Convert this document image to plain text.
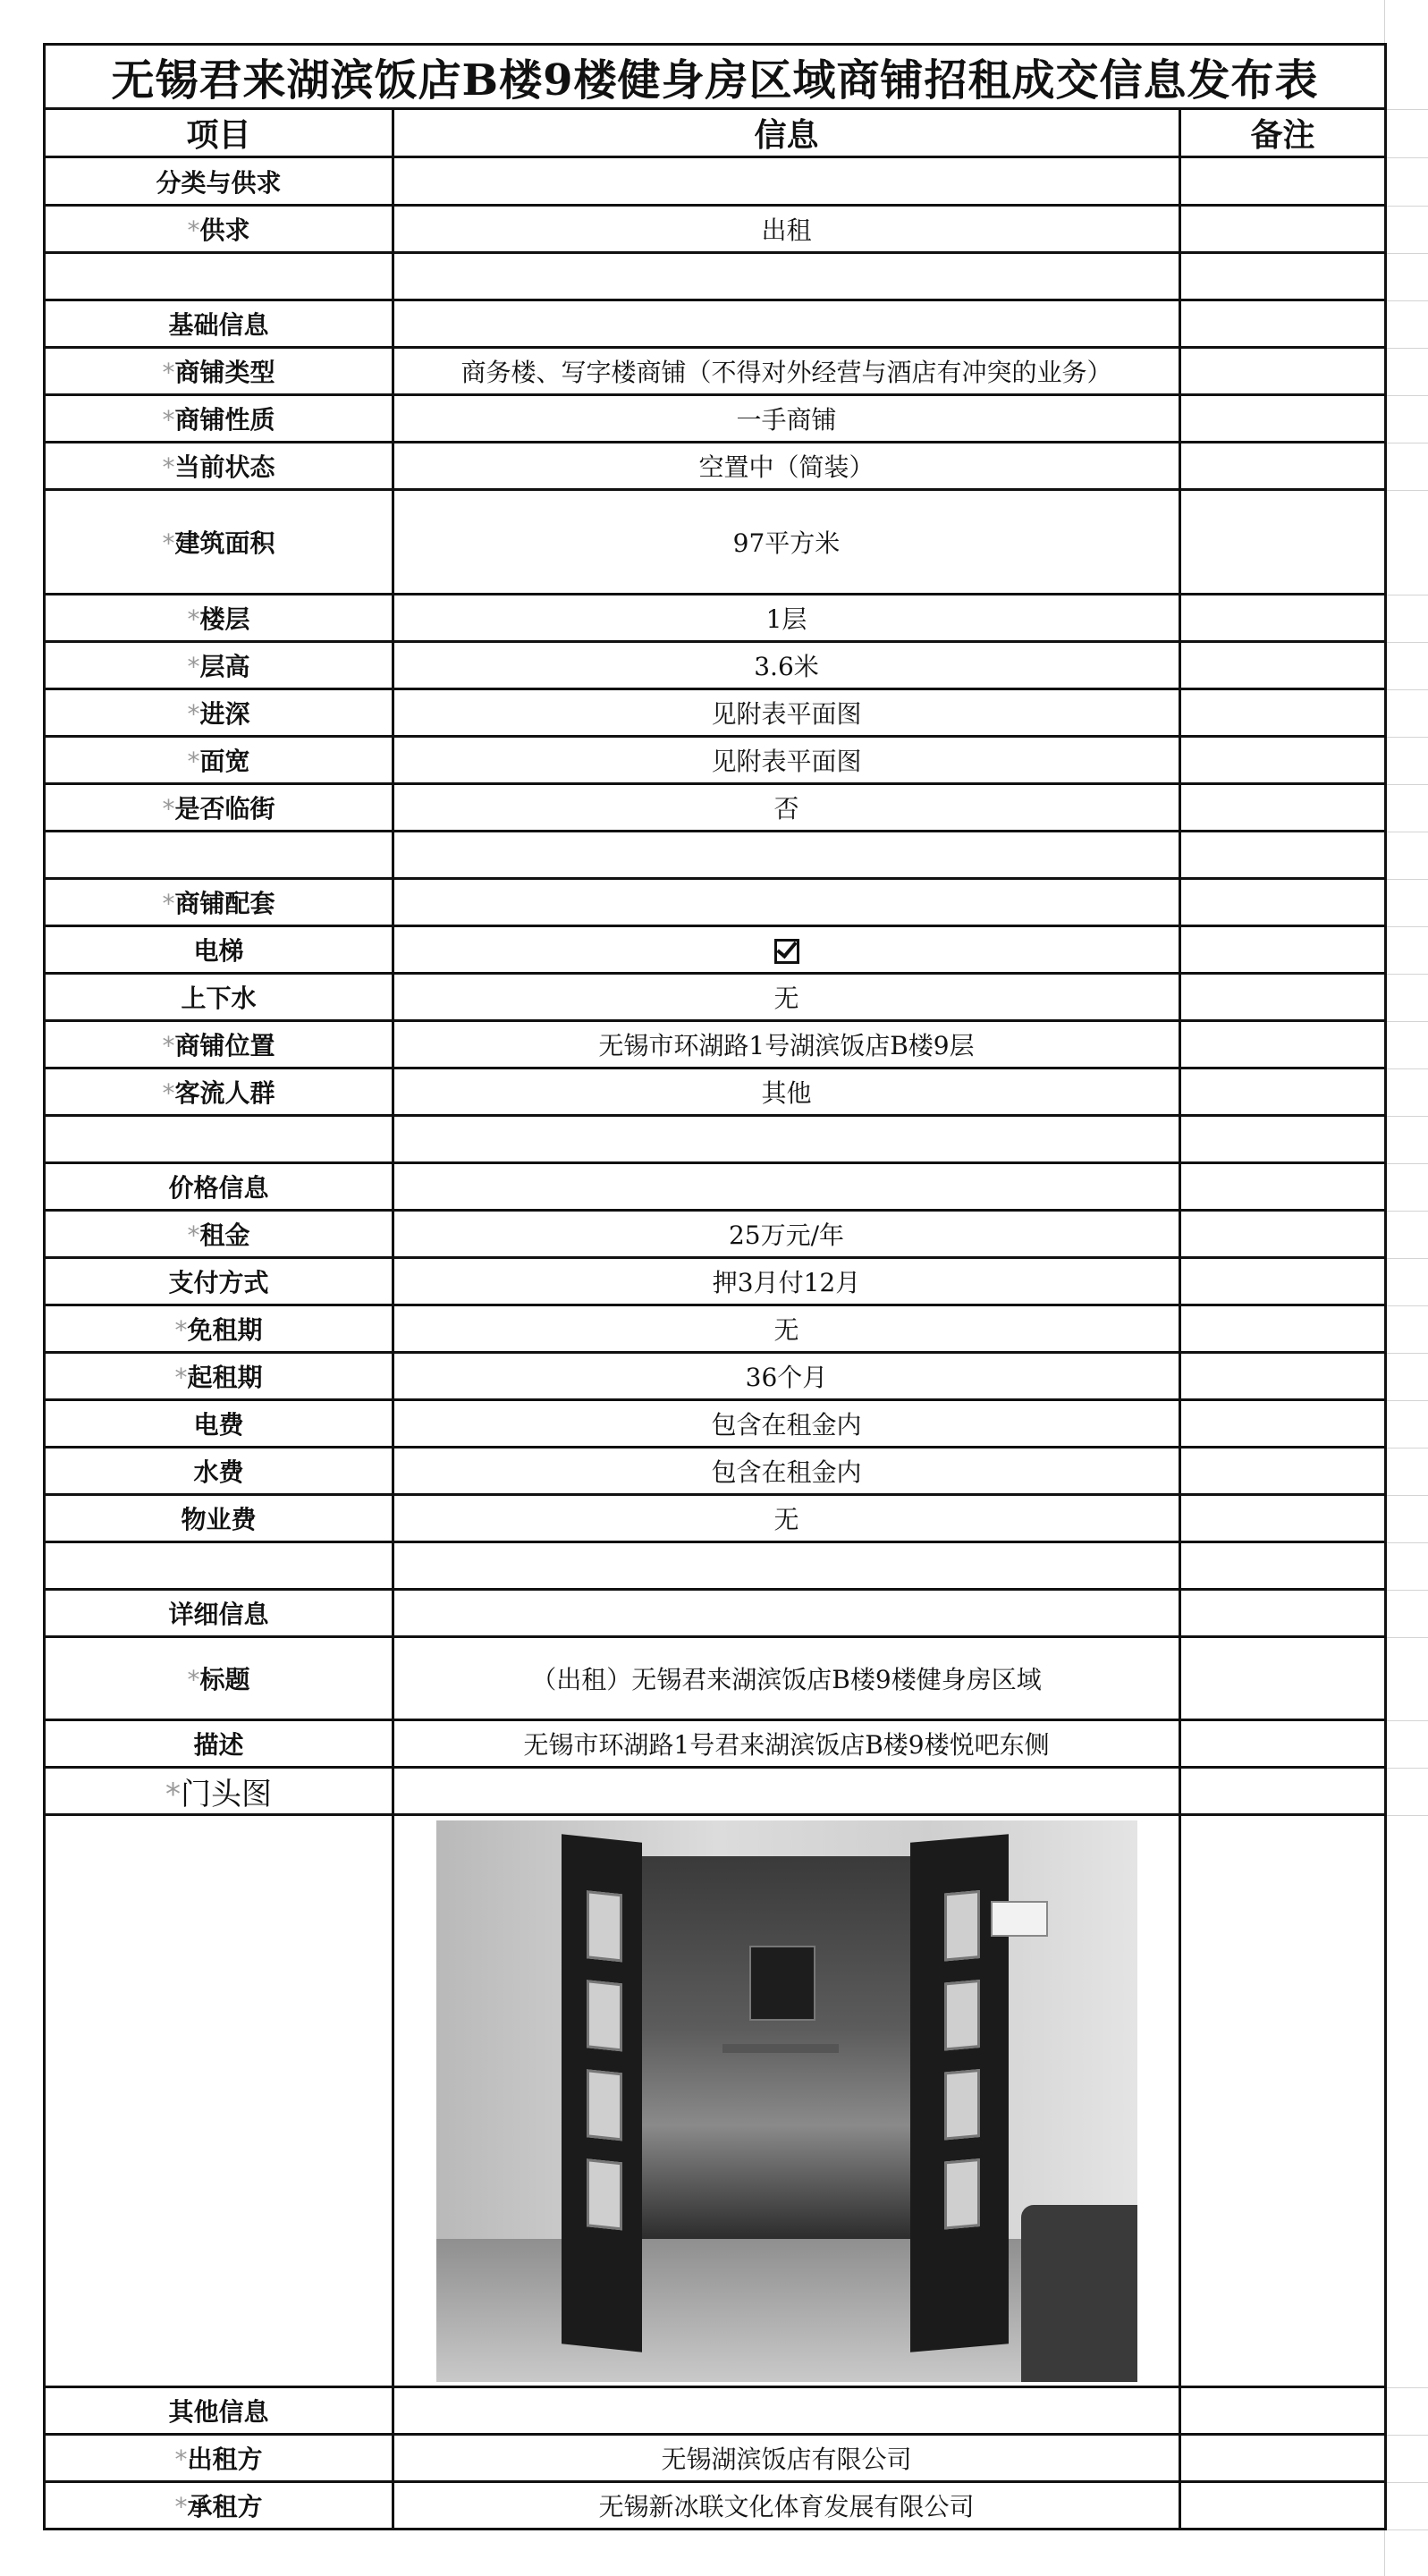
无锡君来湖滨饭店B楼9楼健身房区域商铺招租成交信息发布表		
项目	信息	备注
分类与供求		
*供求	出租	

基础信息		
*商铺类型	商务楼、写字楼商铺（不得对外经营与酒店有冲突的业务）	
*商铺性质	一手商铺	
*当前状态	空置中（简装）	
*建筑面积	97平方米	
*楼层	1层	
*层高	3.6米	
*进深	见附表平面图	
*面宽	见附表平面图	
*是否临街	否	

*商铺配套		
电梯		
上下水	无	
*商铺位置	无锡市环湖路1号湖滨饭店B楼9层	
*客流人群	其他	

价格信息		
*租金	25万元/年	
支付方式	押3月付12月	
*免租期	无	
*起租期	36个月	
电费	包含在租金内	
水费	包含在租金内	
物业费	无	

详细信息		
*标题	（出租）无锡君来湖滨饭店B楼9楼健身房区域	
描述	无锡市环湖路1号君来湖滨饭店B楼9楼悦吧东侧	
*门头图		

其他信息		
*出租方	无锡湖滨饭店有限公司	
*承租方	无锡新冰联文化体育发展有限公司	
